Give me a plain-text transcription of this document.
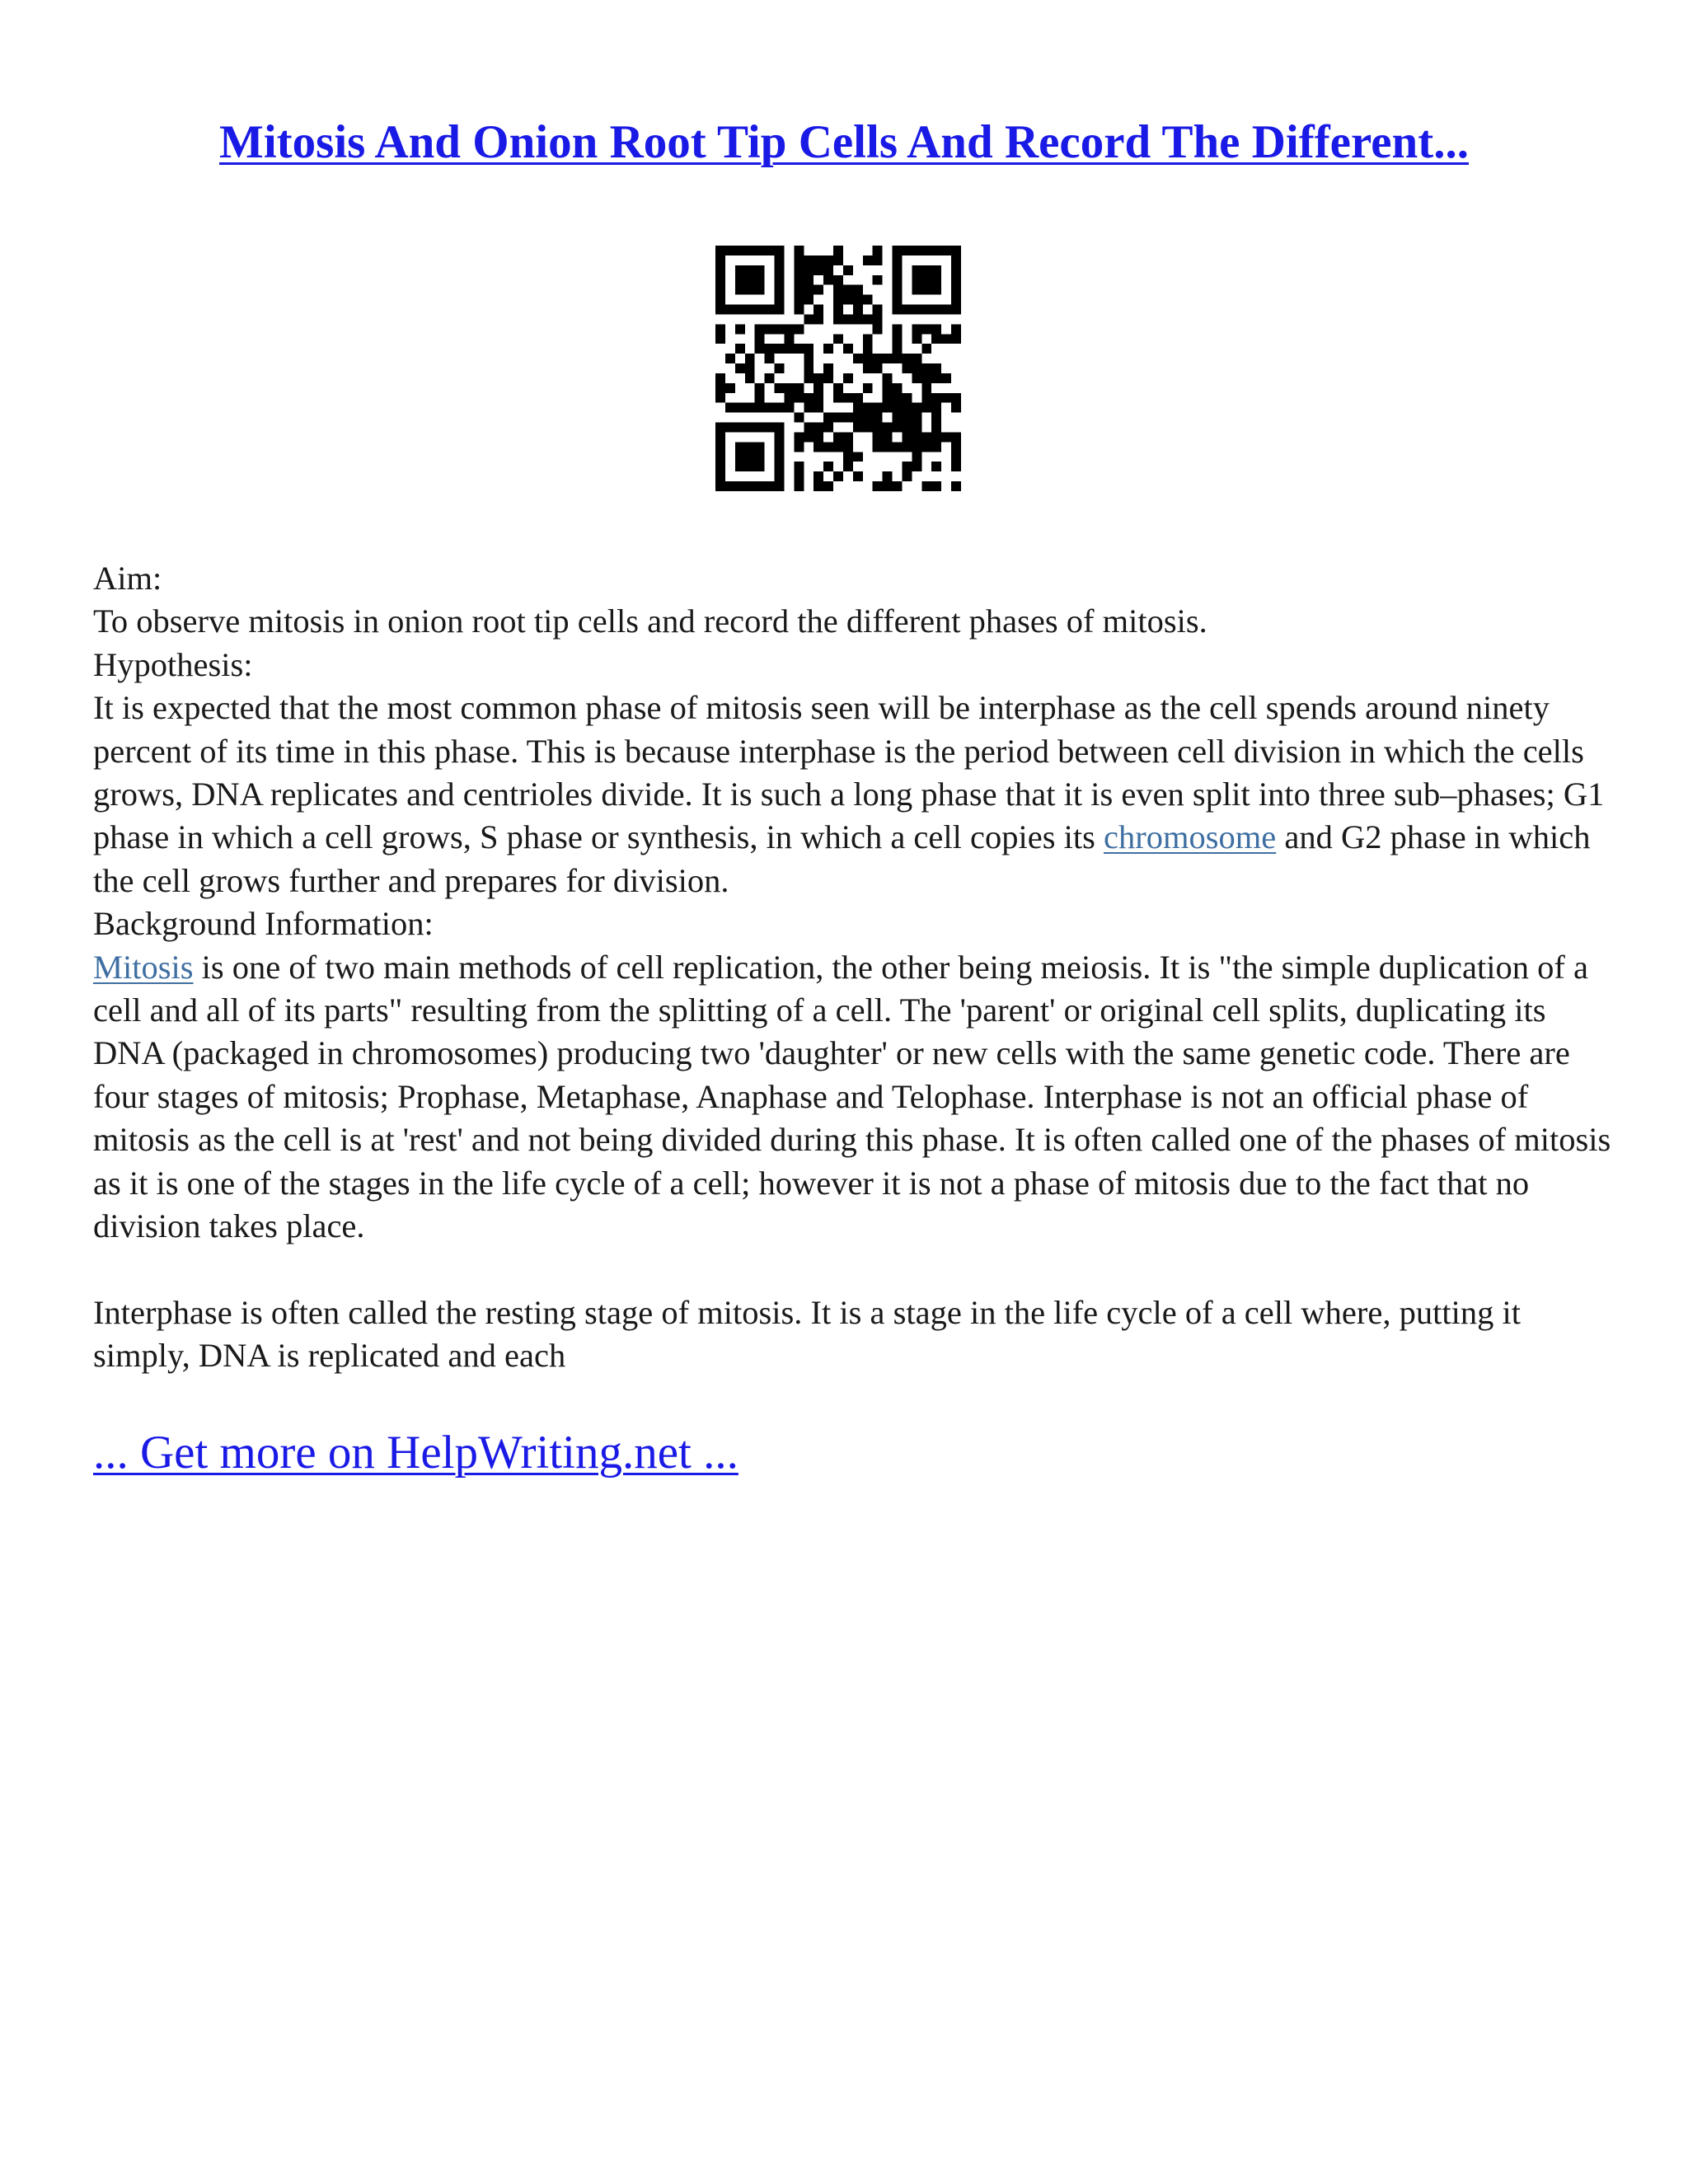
Mitosis And Onion Root Tip Cells And Record The Different...

Aim:

To observe mitosis in onion root tip cells and record the different phases of mitosis.

Hypothesis:

It is expected that the most common phase of mitosis seen will be interphase as the cell spends around ninety percent of its time in this phase. This is because interphase is the period between cell division in which the cells grows, DNA replicates and centrioles divide. It is such a long phase that it is even split into three sub–phases; G1 phase in which a cell grows, S phase or synthesis, in which a cell copies its chromosome and G2 phase in which the cell grows further and prepares for division.

Background Information:

Mitosis is one of two main methods of cell replication, the other being meiosis. It is "the simple duplication of a cell and all of its parts" resulting from the splitting of a cell. The 'parent' or original cell splits, duplicating its DNA (packaged in chromosomes) producing two 'daughter' or new cells with the same genetic code. There are four stages of mitosis; Prophase, Metaphase, Anaphase and Telophase. Interphase is not an official phase of mitosis as the cell is at 'rest' and not being divided during this phase. It is often called one of the phases of mitosis as it is one of the stages in the life cycle of a cell; however it is not a phase of mitosis due to the fact that no division takes place.

Interphase is often called the resting stage of mitosis. It is a stage in the life cycle of a cell where, putting it simply, DNA is replicated and each

... Get more on HelpWriting.net ...
